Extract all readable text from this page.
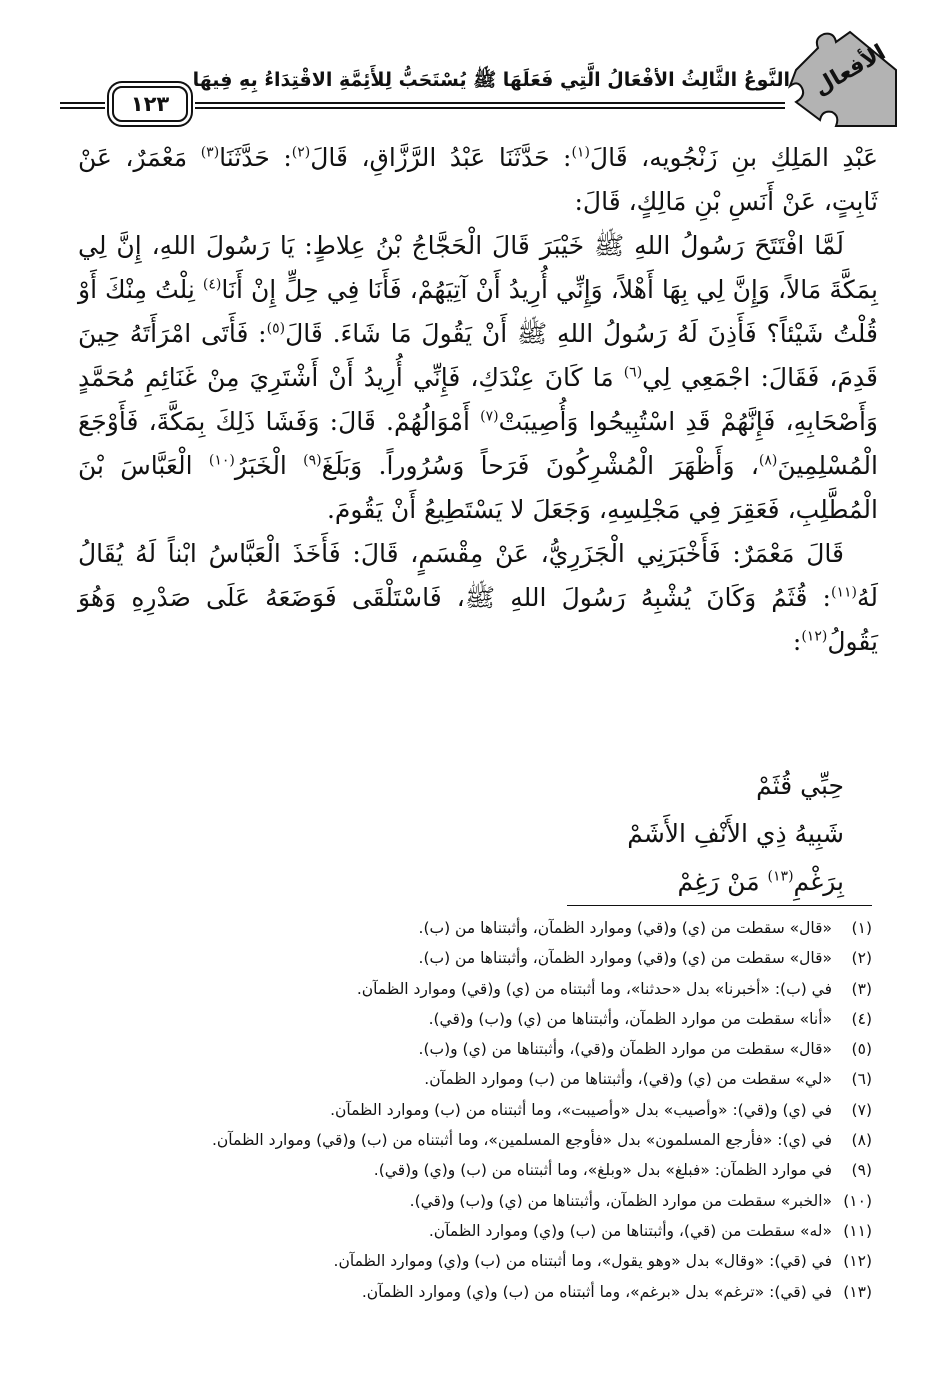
النَّوعُ الثَّالِثُ الأفْعَالُ الَّتِي فَعَلَهَا ﷺ يُسْتَحَبُّ لِلأَئِمَّةِ الاقْتِدَاءُ بِهِ فِيهَا
١٢٣
الأفعال

عَبْدِ المَلِكِ بنِ زَنْجُويه، قَالَ$^{(١)}$: حَدَّثَنَا عَبْدُ الرَّزَّاقِ، قَالَ$^{(٢)}$: حَدَّثَنَا$^{(٣)}$ مَعْمَرٌ، عَنْ ثَابِتٍ، عَنْ أَنَسِ بْنِ مَالِكٍ، قَالَ:

لَمَّا افْتَتَحَ رَسُولُ اللهِ ﷺ خَيْبَرَ قَالَ الْحَجَّاجُ بْنُ عِلاطٍ: يَا رَسُولَ اللهِ، إِنَّ لِي بِمَكَّةَ مَالاً، وَإِنَّ لِي بِهَا أَهْلاً، وَإِنِّي أُرِيدُ أَنْ آتِيَهُمْ، فَأَنَا فِي حِلٍّ إِنْ أَنَا$^{(٤)}$ نِلْتُ مِنْكَ أَوْ قُلْتُ شَيْئاً؟ فَأَذِنَ لَهُ رَسُولُ اللهِ ﷺ أَنْ يَقُولَ مَا شَاءَ. قَالَ$^{(٥)}$: فَأَتَى امْرَأَتَهُ حِينَ قَدِمَ، فَقَالَ: اجْمَعِي لِي$^{(٦)}$ مَا كَانَ عِنْدَكِ، فَإِنِّي أُرِيدُ أَنْ أَشْتَرِيَ مِنْ غَنَائِمِ مُحَمَّدٍ وَأَصْحَابِهِ، فَإِنَّهُمْ قَدِ اسْتُبِيحُوا وَأُصِيبَتْ$^{(٧)}$ أَمْوَالُهُمْ. قَالَ: وَفَشَا ذَلِكَ بِمَكَّةَ، فَأَوْجَعَ الْمُسْلِمِينَ$^{(٨)}$، وَأَظْهَرَ الْمُشْرِكُونَ فَرَحاً وَسُرُوراً. وَبَلَغَ$^{(٩)}$ الْخَبَرُ$^{(١٠)}$ الْعَبَّاسَ بْنَ الْمُطَّلِبِ، فَعَقِرَ فِي مَجْلِسِهِ، وَجَعَلَ لا يَسْتَطِيعُ أَنْ يَقُومَ.

قَالَ مَعْمَرٌ: فَأَخْبَرَنِي الْجَزَرِيُّ، عَنْ مِقْسَمٍ، قَالَ: فَأَخَذَ الْعَبَّاسُ ابْناً لَهُ يُقَالُ لَهُ$^{(١١)}$: قُثَمُ وَكَانَ يُشْبِهُ رَسُولَ اللهِ ﷺ، فَاسْتَلْقَى فَوَضَعَهُ عَلَى صَدْرِهِ وَهُوَ يَقُولُ$^{(١٢)}$:

حِبِّي قُثَمْ
شَبِيهُ ذِي الأَنْفِ الأَشَمْ
بِرَغْمِ$^{(١٣)}$ مَنْ رَغِمْ
(١)«قال» سقطت من (ي) و(قي) وموارد الظمآن، وأثبتناها من (ب).
(٢)«قال» سقطت من (ي) و(قي) وموارد الظمآن، وأثبتناها من (ب).
(٣)في (ب): «أخبرنا» بدل «حدثنا»، وما أثبتناه من (ي) و(قي) وموارد الظمآن.
(٤)«أنا» سقطت من موارد الظمآن، وأثبتناها من (ي) و(ب) و(قي).
(٥)«قال» سقطت من موارد الظمآن و(قي)، وأثبتناها من (ي) و(ب).
(٦)«لي» سقطت من (ي) و(قي)، وأثبتناها من (ب) وموارد الظمآن.
(٧)في (ي) و(قي): «وأصيب» بدل «وأصيبت»، وما أثبتناه من (ب) وموارد الظمآن.
(٨)في (ي): «فأرجع المسلمون» بدل «فأوجع المسلمين»، وما أثبتناه من (ب) و(قي) وموارد الظمآن.
(٩)في موارد الظمآن: «فبلغ» بدل «وبلغ»، وما أثبتناه من (ب) و(ي) و(قي).
(١٠)«الخبر» سقطت من موارد الظمآن، وأثبتناها من (ي) و(ب) و(قي).
(١١)«له» سقطت من (قي)، وأثبتناها من (ب) و(ي) وموارد الظمآن.
(١٢)في (قي): «وقال» بدل «وهو يقول»، وما أثبتناه من (ب) و(ي) وموارد الظمآن.
(١٣)في (قي): «ترغم» بدل «برغم»، وما أثبتناه من (ب) و(ي) وموارد الظمآن.
